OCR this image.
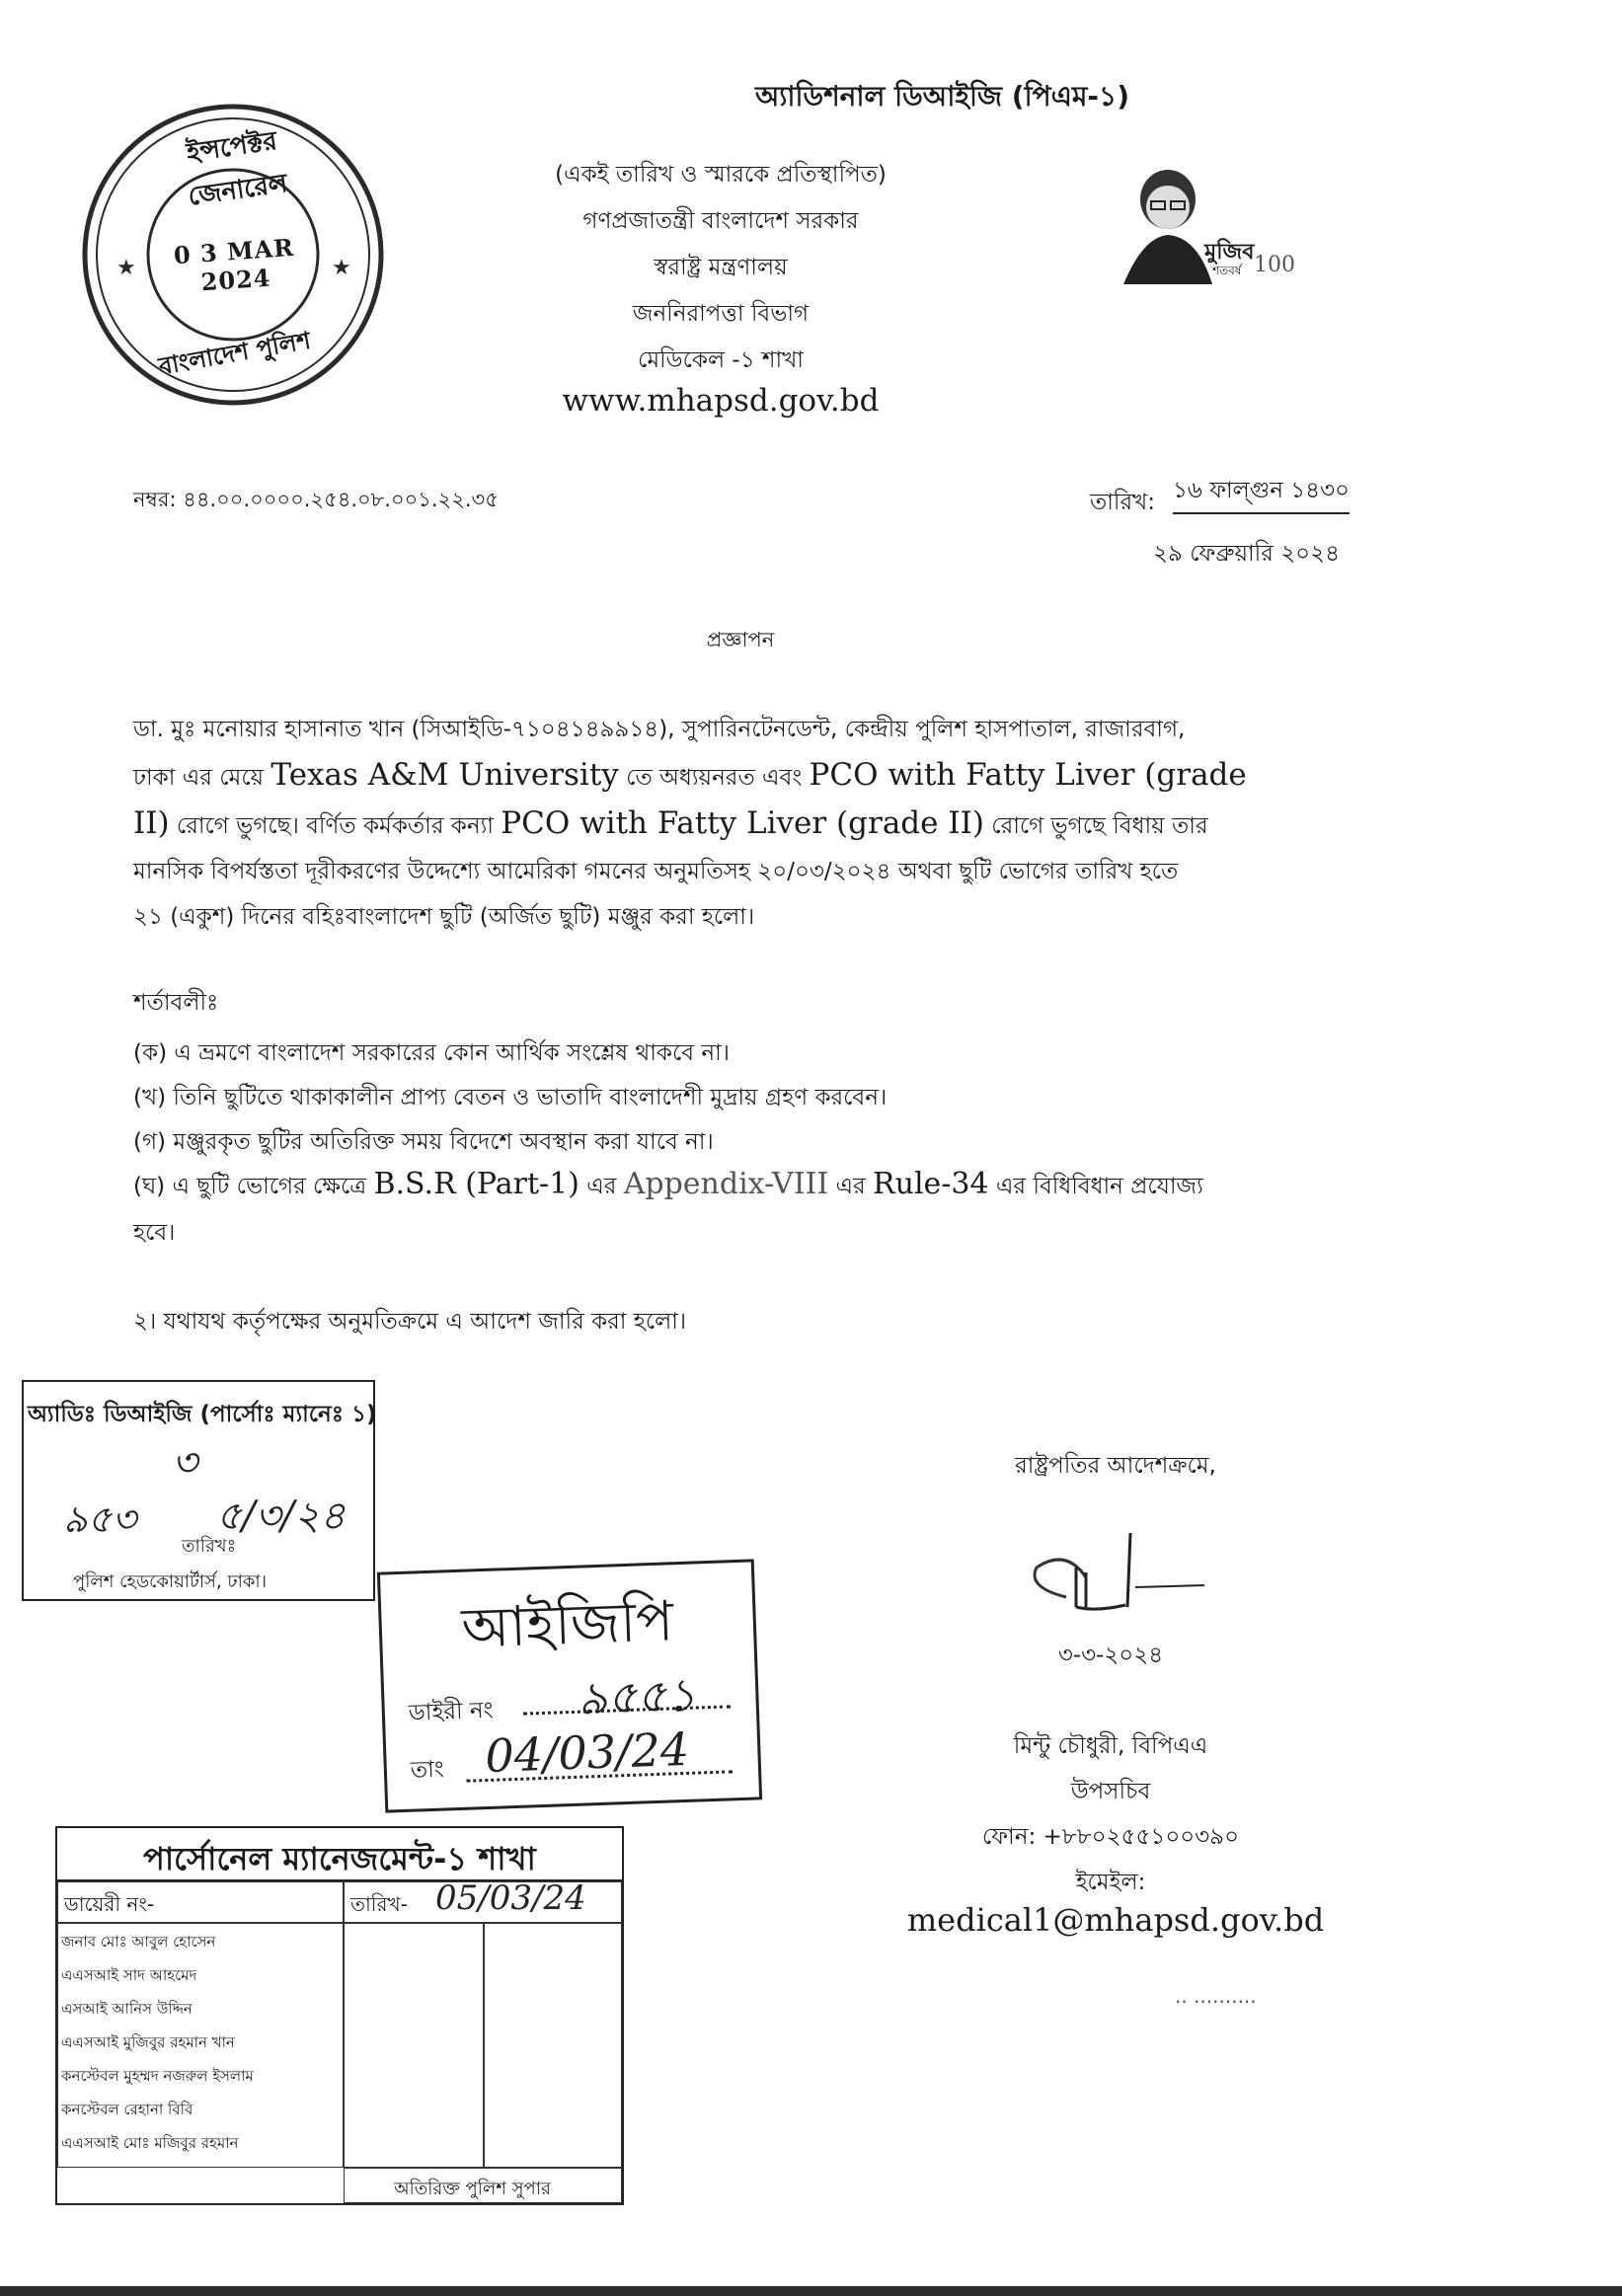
★	★
ইন্সপেক্টর জেনারেল
0 3 MAR 2024
বাংলাদেশ পুলিশ
অ্যাডিশনাল ডিআইজি (পিএম-১)
(একই তারিখ ও স্মারকে প্রতিস্থাপিত)
গণপ্রজাতন্ত্রী বাংলাদেশ সরকার
স্বরাষ্ট্র মন্ত্রণালয়
জননিরাপত্তা বিভাগ
মেডিকেল -১ শাখা
www.mhapsd.gov.bd
মুজিব
শতবর্ষ 100
নম্বর: ৪৪.০০.০০০০.২৫৪.০৮.০০১.২২.৩৫	তারিখ: ১৬ ফাল্গুন ১৪৩০
২৯ ফেব্রুয়ারি ২০২৪
প্রজ্ঞাপন
ডা. মুঃ মনোয়ার হাসানাত খান (সিআইডি-৭১০৪১৪৯৯১৪), সুপারিনটেনডেন্ট, কেন্দ্রীয় পুলিশ হাসপাতাল, রাজারবাগ,
ঢাকা এর মেয়ে Texas A&M University তে অধ্যয়নরত এবং PCO with Fatty Liver (grade
II) রোগে ভুগছে। বর্ণিত কর্মকর্তার কন্যা PCO with Fatty Liver (grade II) রোগে ভুগছে বিধায় তার
মানসিক বিপর্যস্ততা দূরীকরণের উদ্দেশ্যে আমেরিকা গমনের অনুমতিসহ ২০/০৩/২০২৪ অথবা ছুটি ভোগের তারিখ হতে
২১ (একুশ) দিনের বহিঃবাংলাদেশ ছুটি (অর্জিত ছুটি) মঞ্জুর করা হলো।
শর্তাবলীঃ
(ক) এ ভ্রমণে বাংলাদেশ সরকারের কোন আর্থিক সংশ্লেষ থাকবে না।
(খ) তিনি ছুটিতে থাকাকালীন প্রাপ্য বেতন ও ভাতাদি বাংলাদেশী মুদ্রায় গ্রহণ করবেন।
(গ) মঞ্জুরকৃত ছুটির অতিরিক্ত সময় বিদেশে অবস্থান করা যাবে না।
(ঘ) এ ছুটি ভোগের ক্ষেত্রে B.S.R (Part-1) এর Appendix-VIII এর Rule-34 এর বিধিবিধান প্রযোজ্য
হবে।
২। যথাযথ কর্তৃপক্ষের অনুমতিক্রমে এ আদেশ জারি করা হলো।
রাষ্ট্রপতির আদেশক্রমে,
৩-৩-২০২৪
মিন্টু চৌধুরী, বিপিএএ
উপসচিব
ফোন: +৮৮০২৫৫১০০৩৯০
ইমেইল:
medical1@mhapsd.gov.bd
.. ..........
অ্যাডিঃ ডিআইজি (পার্সোঃ ম্যানেঃ ১)
৩
৯৫৩ ৫/৩/২৪
তারিখঃ
পুলিশ হেডকোয়ার্টার্স, ঢাকা।
আইজিপি
ডাইরী নং ৯৫৫১
তাং 04/03/24
পার্সোনেল ম্যানেজমেন্ট-১ শাখা
ডায়েরী নং-	তারিখ- 05/03/24
জনাব মোঃ আবুল হোসেন
এএসআই সাদ আহমেদ
এসআই আনিস উদ্দিন
এএসআই মুজিবুর রহমান খান
কনস্টেবল মুহম্মদ নজরুল ইসলাম
কনস্টেবল রেহানা বিবি
এএসআই মোঃ মজিবুর রহমান
অতিরিক্ত পুলিশ সুপার
